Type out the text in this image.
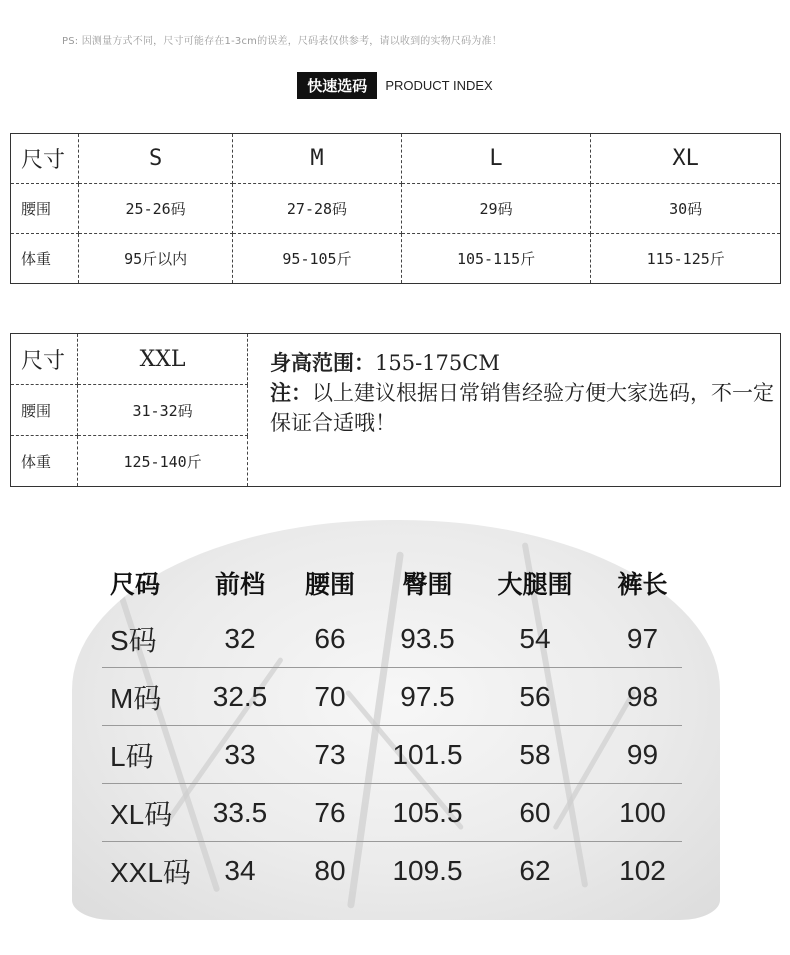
PS: 因测量方式不同，尺寸可能存在1-3cm的误差，尺码表仅供参考，请以收到的实物尺码为准！
快速选码	PRODUCT INDEX
尺寸	S	M	L	XL
腰围	25-26码	27-28码	29码	30码
体重	95斤以内	95-105斤	105-115斤	115-125斤
尺寸	XXL	身高范围：155-175CM
注：以上建议根据日常销售经验方便大家选码，不一定保证合适哦！

腰围	31-32码	
体重	125-140斤	
尺码	前档	腰围	臀围	大腿围	裤长
S码	32	66	93.5	54	97
M码	32.5	70	97.5	56	98
L码	33	73	101.5	58	99
XL码	33.5	76	105.5	60	100
XXL码	34	80	109.5	62	102
